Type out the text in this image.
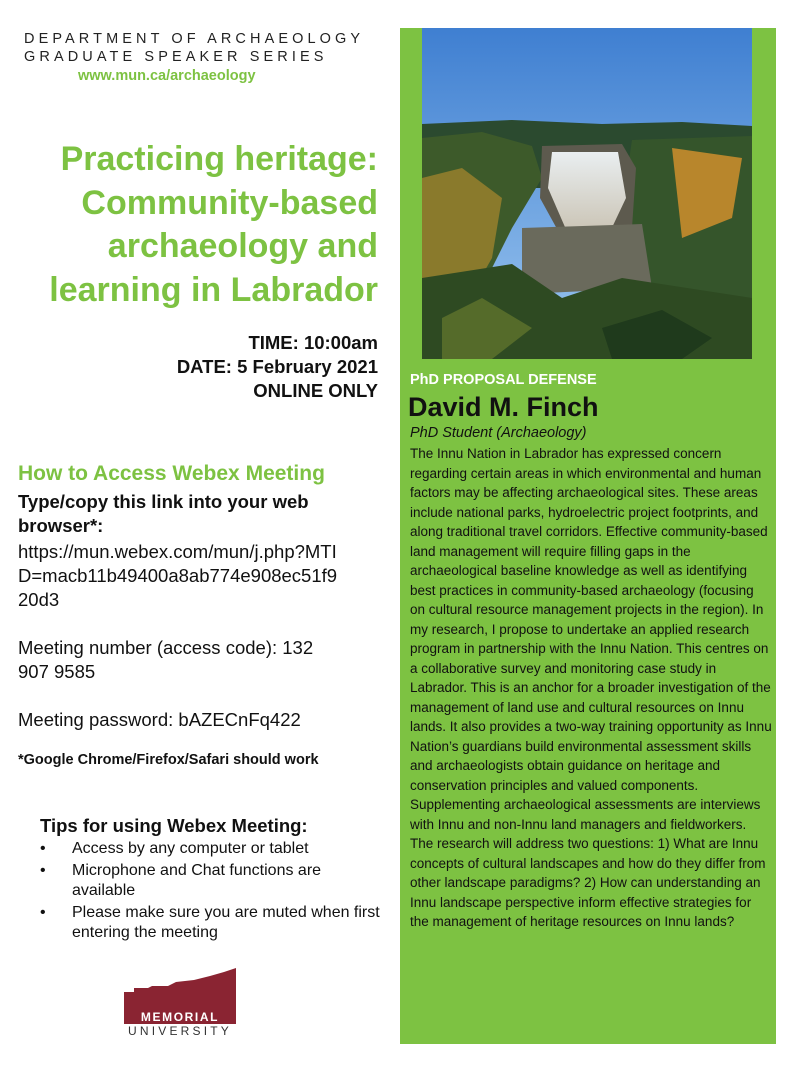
DEPARTMENT OF ARCHAEOLOGY
GRADUATE SPEAKER SERIES
www.mun.ca/archaeology
Practicing heritage:
Community-based
archaeology and
learning in Labrador
TIME: 10:00am
DATE: 5 February 2021
ONLINE ONLY
How to Access Webex Meeting
Type/copy this link into your web
browser*:
https://mun.webex.com/mun/j.php?MTI
D=macb11b49400a8ab774e908ec51f9
20d3
Meeting number (access code): 132
907 9585
Meeting password: bAZECnFq422
*Google Chrome/Firefox/Safari should work
Tips for using Webex Meeting:
• Access by any computer or tablet
• Microphone and Chat functions are available
• Please make sure you are muted when first entering the meeting
MEMORIAL
UNIVERSITY
PhD PROPOSAL DEFENSE
David M. Finch
PhD Student (Archaeology)

The Innu Nation in Labrador has expressed concern regarding certain areas in which environmental and human factors may be affecting archaeological sites. These areas include national parks, hydroelectric project footprints, and along traditional travel corridors. Effective community-based land management will require filling gaps in the archaeological baseline knowledge as well as identifying best practices in community-based archaeology (focusing on cultural resource management projects in the region). In my research, I propose to undertake an applied research program in partnership with the Innu Nation. This centres on a collaborative survey and monitoring case study in Labrador. This is an anchor for a broader investigation of the management of land use and cultural resources on Innu lands. It also provides a two-way training opportunity as Innu Nation’s guardians build environmental assessment skills and archaeologists obtain guidance on heritage and conservation principles and valued components. Supplementing archaeological assessments are interviews with Innu and non-Innu land managers and fieldworkers. The research will address two questions: 1) What are Innu concepts of cultural landscapes and how do they differ from other landscape paradigms? 2) How can understanding an Innu landscape perspective inform effective strategies for the management of heritage resources on Innu lands?
